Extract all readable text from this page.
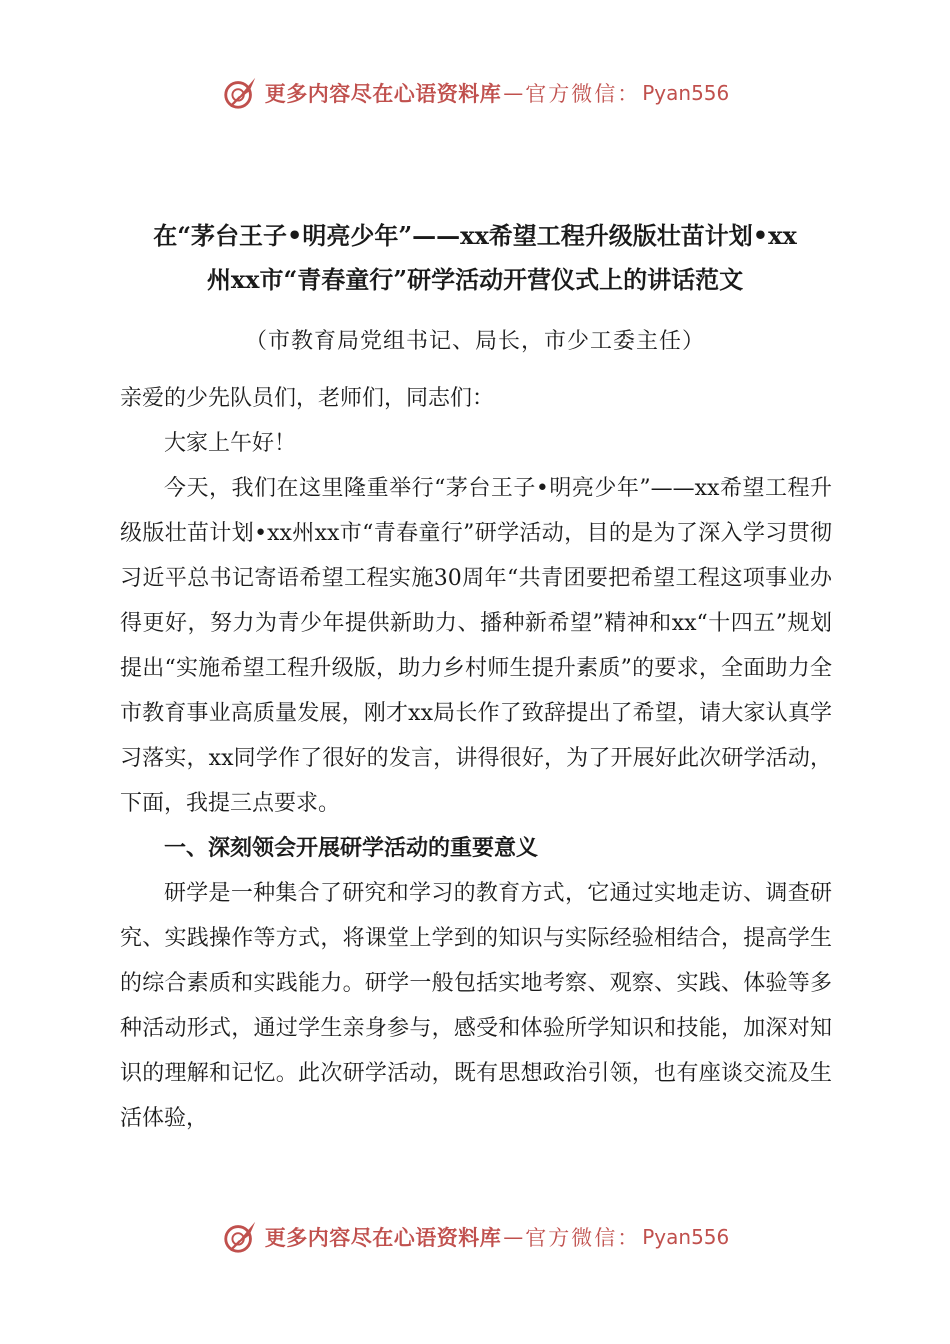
更多内容尽在心语资料库 — 官方微信： Pyan556
在“茅台王子•明亮少年”——xx希望工程升级版壮苗计划•xx
州xx市“青春童行”研学活动开营仪式上的讲话范文
（市教育局党组书记、局长，市少工委主任）

亲爱的少先队员们，老师们，同志们：

大家上午好！

今天，我们在这里隆重举行“茅台王子•明亮少年”——xx希望工程升级版壮苗计划•xx州xx市“青春童行”研学活动，目的是为了深入学习贯彻习近平总书记寄语希望工程实施30周年“共青团要把希望工程这项事业办得更好，努力为青少年提供新助力、播种新希望”精神和xx“十四五”规划提出“实施希望工程升级版，助力乡村师生提升素质”的要求，全面助力全市教育事业高质量发展，刚才xx局长作了致辞提出了希望，请大家认真学习落实，xx同学作了很好的发言，讲得很好，为了开展好此次研学活动，下面，我提三点要求。

一、深刻领会开展研学活动的重要意义

研学是一种集合了研究和学习的教育方式，它通过实地走访、调查研究、实践操作等方式，将课堂上学到的知识与实际经验相结合，提高学生的综合素质和实践能力。研学一般包括实地考察、观察、实践、体验等多种活动形式，通过学生亲身参与，感受和体验所学知识和技能，加深对知识的理解和记忆。此次研学活动，既有思想政治引领，也有座谈交流及生活体验，

更多内容尽在心语资料库 — 官方微信： Pyan556
